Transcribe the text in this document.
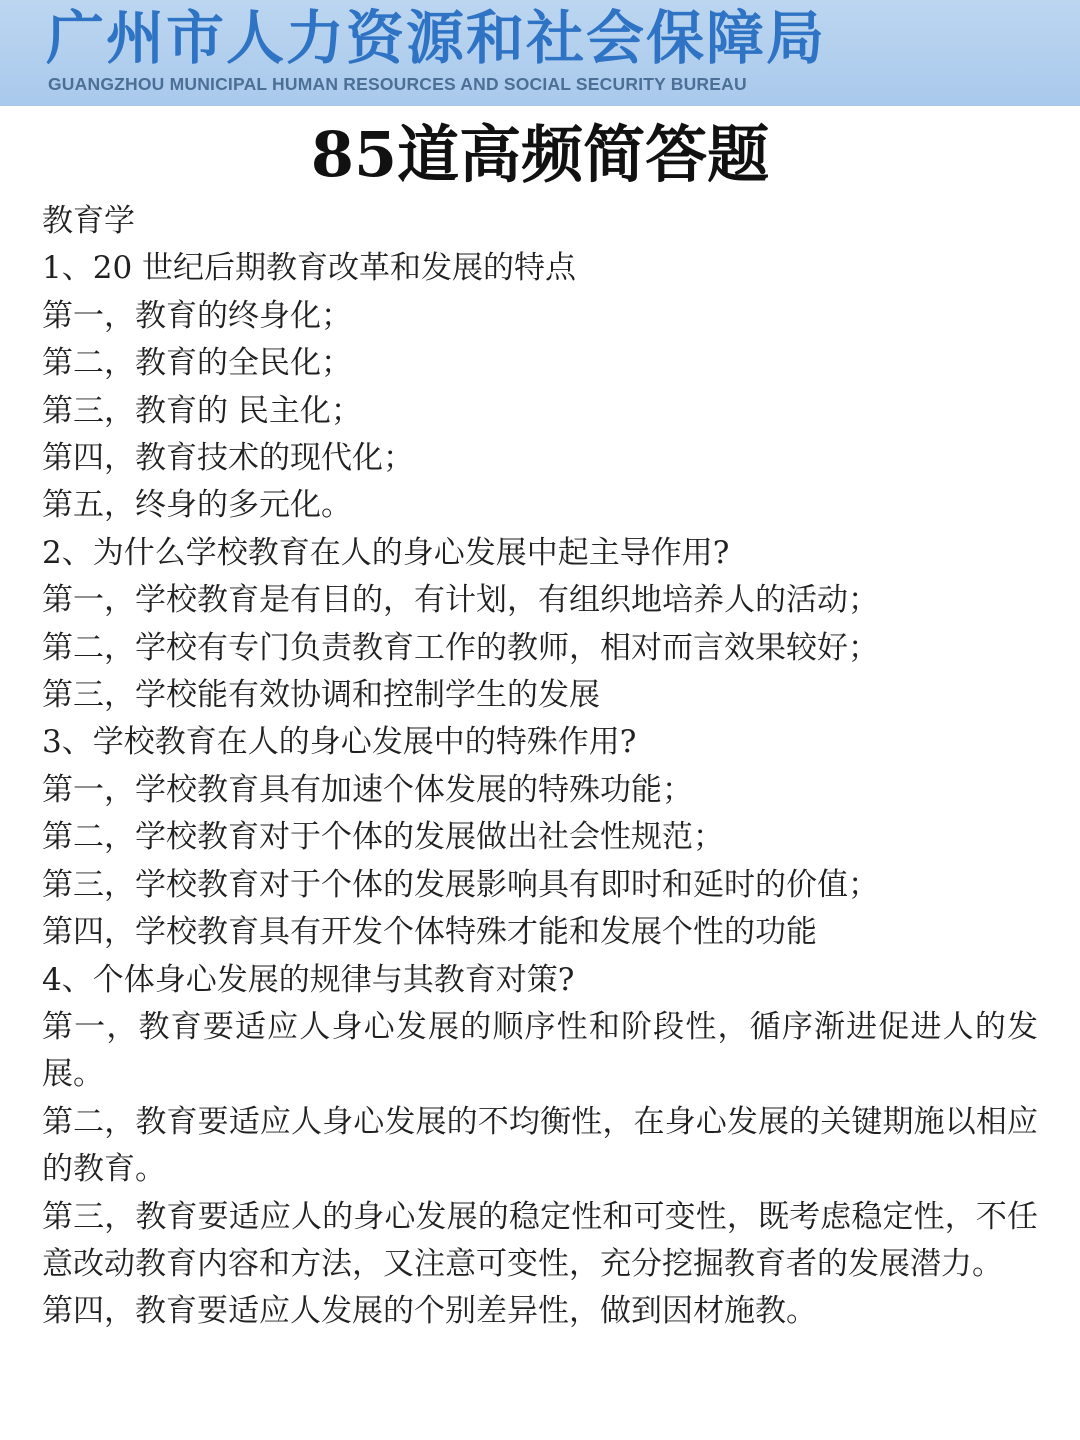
广州市人力资源和社会保障局
GUANGZHOU MUNICIPAL HUMAN RESOURCES AND SOCIAL SECURITY BUREAU
85道高频简答题
教育学
1、20 世纪后期教育改革和发展的特点
第一，教育的终身化；
第二，教育的全民化；
第三，教育的 民主化；
第四，教育技术的现代化；
第五，终身的多元化。
2、为什么学校教育在人的身心发展中起主导作用?
第一，学校教育是有目的，有计划，有组织地培养人的活动；
第二，学校有专门负责教育工作的教师，相对而言效果较好；
第三，学校能有效协调和控制学生的发展
3、学校教育在人的身心发展中的特殊作用?
第一，学校教育具有加速个体发展的特殊功能；
第二，学校教育对于个体的发展做出社会性规范；
第三，学校教育对于个体的发展影响具有即时和延时的价值；
第四，学校教育具有开发个体特殊才能和发展个性的功能
4、个体身心发展的规律与其教育对策?
第一，教育要适应人身心发展的顺序性和阶段性，循序渐进促进人的发展。
第二，教育要适应人身心发展的不均衡性，在身心发展的关键期施以相应的教育。
第三，教育要适应人的身心发展的稳定性和可变性，既考虑稳定性，不任意改动教育内容和方法，又注意可变性，充分挖掘教育者的发展潜力。
第四，教育要适应人发展的个别差异性，做到因材施教。
